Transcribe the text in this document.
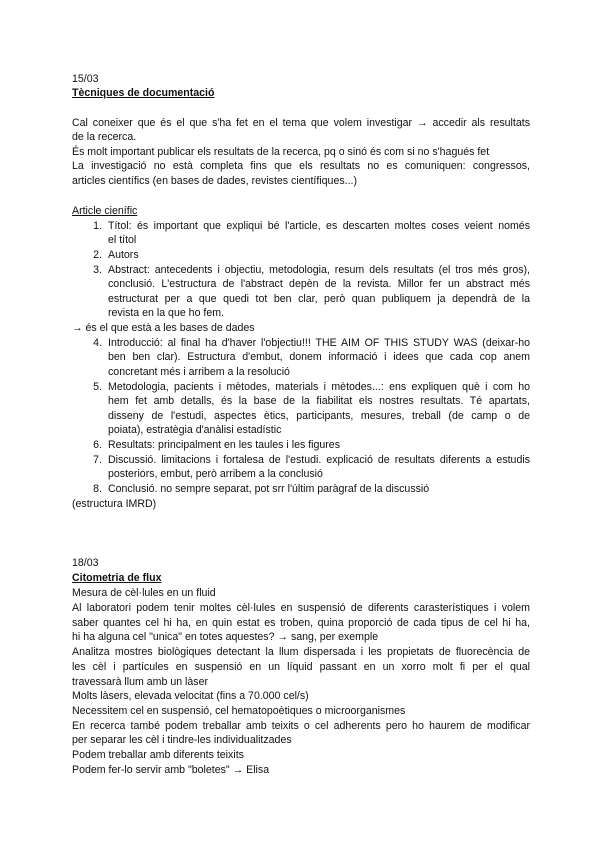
15/03
Tècniques de documentació
Cal coneixer que és el que s'ha fet en el tema que volem investigar → accedir als resultats
de la recerca.
És molt important publicar els resultats de la recerca, pq o sinó és com si no s'hagués fet
La investigació no està completa fins que els resultats no es comuniquen: congressos,
articles científics (en bases de dades, revistes científiques...)
Article cienífic
1. Títol: és important que expliqui bé l'article, es descarten moltes coses veient només
el títol
2. Autors
3. Abstract: antecedents i objectiu, metodologia, resum dels resultats (el tros més gros),
conclusió. L'estructura de l'abstract depèn de la revista. Millor fer un abstract més
estructurat per a que quedi tot ben clar, però quan publiquem ja dependrà de la
revista en la que ho fem.
→ és el que està a les bases de dades
4. Introducció: al final ha d'haver l'objectiu!!! THE AIM OF THIS STUDY WAS (deixar-ho
ben ben clar). Estructura d'embut, donem informació i idees que cada cop anem
concretant més i arribem a la resolució
5. Metodologia, pacients i mètodes, materials i mètodes...: ens expliquen què i com ho
hem fet amb detalls, és la base de la fiabilitat els nostres resultats. Té apartats,
disseny de l'estudi, aspectes ètics, participants, mesures, treball (de camp o de
poiata), estratègia d'anàlisi estadístic
6. Resultats: principalment en les taules i les figures
7. Discussió. limitacions i fortalesa de l'estudi. explicació de resultats diferents a estudis
posteriors, embut, però arribem a la conclusió
8. Conclusió. no sempre separat, pot srr l'últim paràgraf de la discussió
(estructura IMRD)
18/03
Citometria de flux
Mesura de cèl·lules en un fluid
Al laboratori podem tenir moltes cèl·lules en suspensió de diferents carasterístiques i volem
saber quantes cel hi ha, en quin estat es troben, quina proporció de cada tipus de cel hi ha,
hi ha alguna cel "unica" en totes aquestes? → sang, per exemple
Analitza mostres biològiques detectant la llum dispersada i les propietats de fluorecència de
les cèl i partícules en suspensió en un líquid passant en un xorro molt fi per el qual
travessarà llum amb un làser
Molts làsers, elevada velocitat (fins a 70.000 cel/s)
Necessitem cel en suspensió, cel hematopoètiques o microorganismes
En recerca també podem treballar amb teixits o cel adherents pero ho haurem de modificar
per separar les cèl i tindre-les individualitzades
Podem treballar amb diferents teixits
Podem fer-lo servir amb "boletes" → Elisa
